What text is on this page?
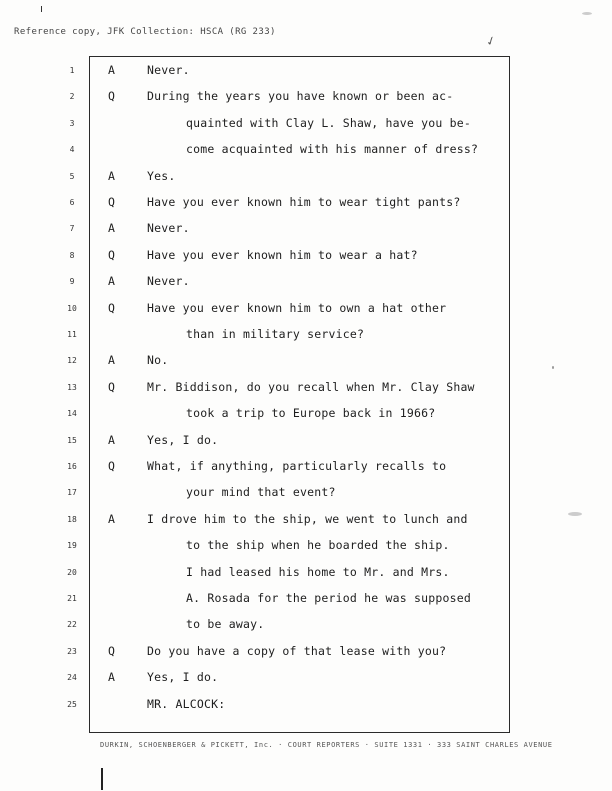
Reference copy, JFK Collection: HSCA (RG 233)
✓
1	A	Never.
2	Q	During the years you have known or been ac-
3	quainted with Clay L. Shaw, have you be-
4	come acquainted with his manner of dress?
5	A	Yes.
6	Q	Have you ever known him to wear tight pants?
7	A	Never.
8	Q	Have you ever known him to wear a hat?
9	A	Never.
10	Q	Have you ever known him to own a hat other
11	than in military service?
12	A	No.
13	Q	Mr. Biddison, do you recall when Mr. Clay Shaw
14	took a trip to Europe back in 1966?
15	A	Yes, I do.
16	Q	What, if anything, particularly recalls to
17	your mind that event?
18	A	I drove him to the ship, we went to lunch and
19	to the ship when he boarded the ship.
20	I had leased his home to Mr. and Mrs.
21	A. Rosada for the period he was supposed
22	to be away.
23	Q	Do you have a copy of that lease with you?
24	A	Yes, I do.
25	MR. ALCOCK:
DURKIN, SCHOENBERGER & PICKETT, Inc. · COURT REPORTERS · SUITE 1331 · 333 SAINT CHARLES AVENUE
